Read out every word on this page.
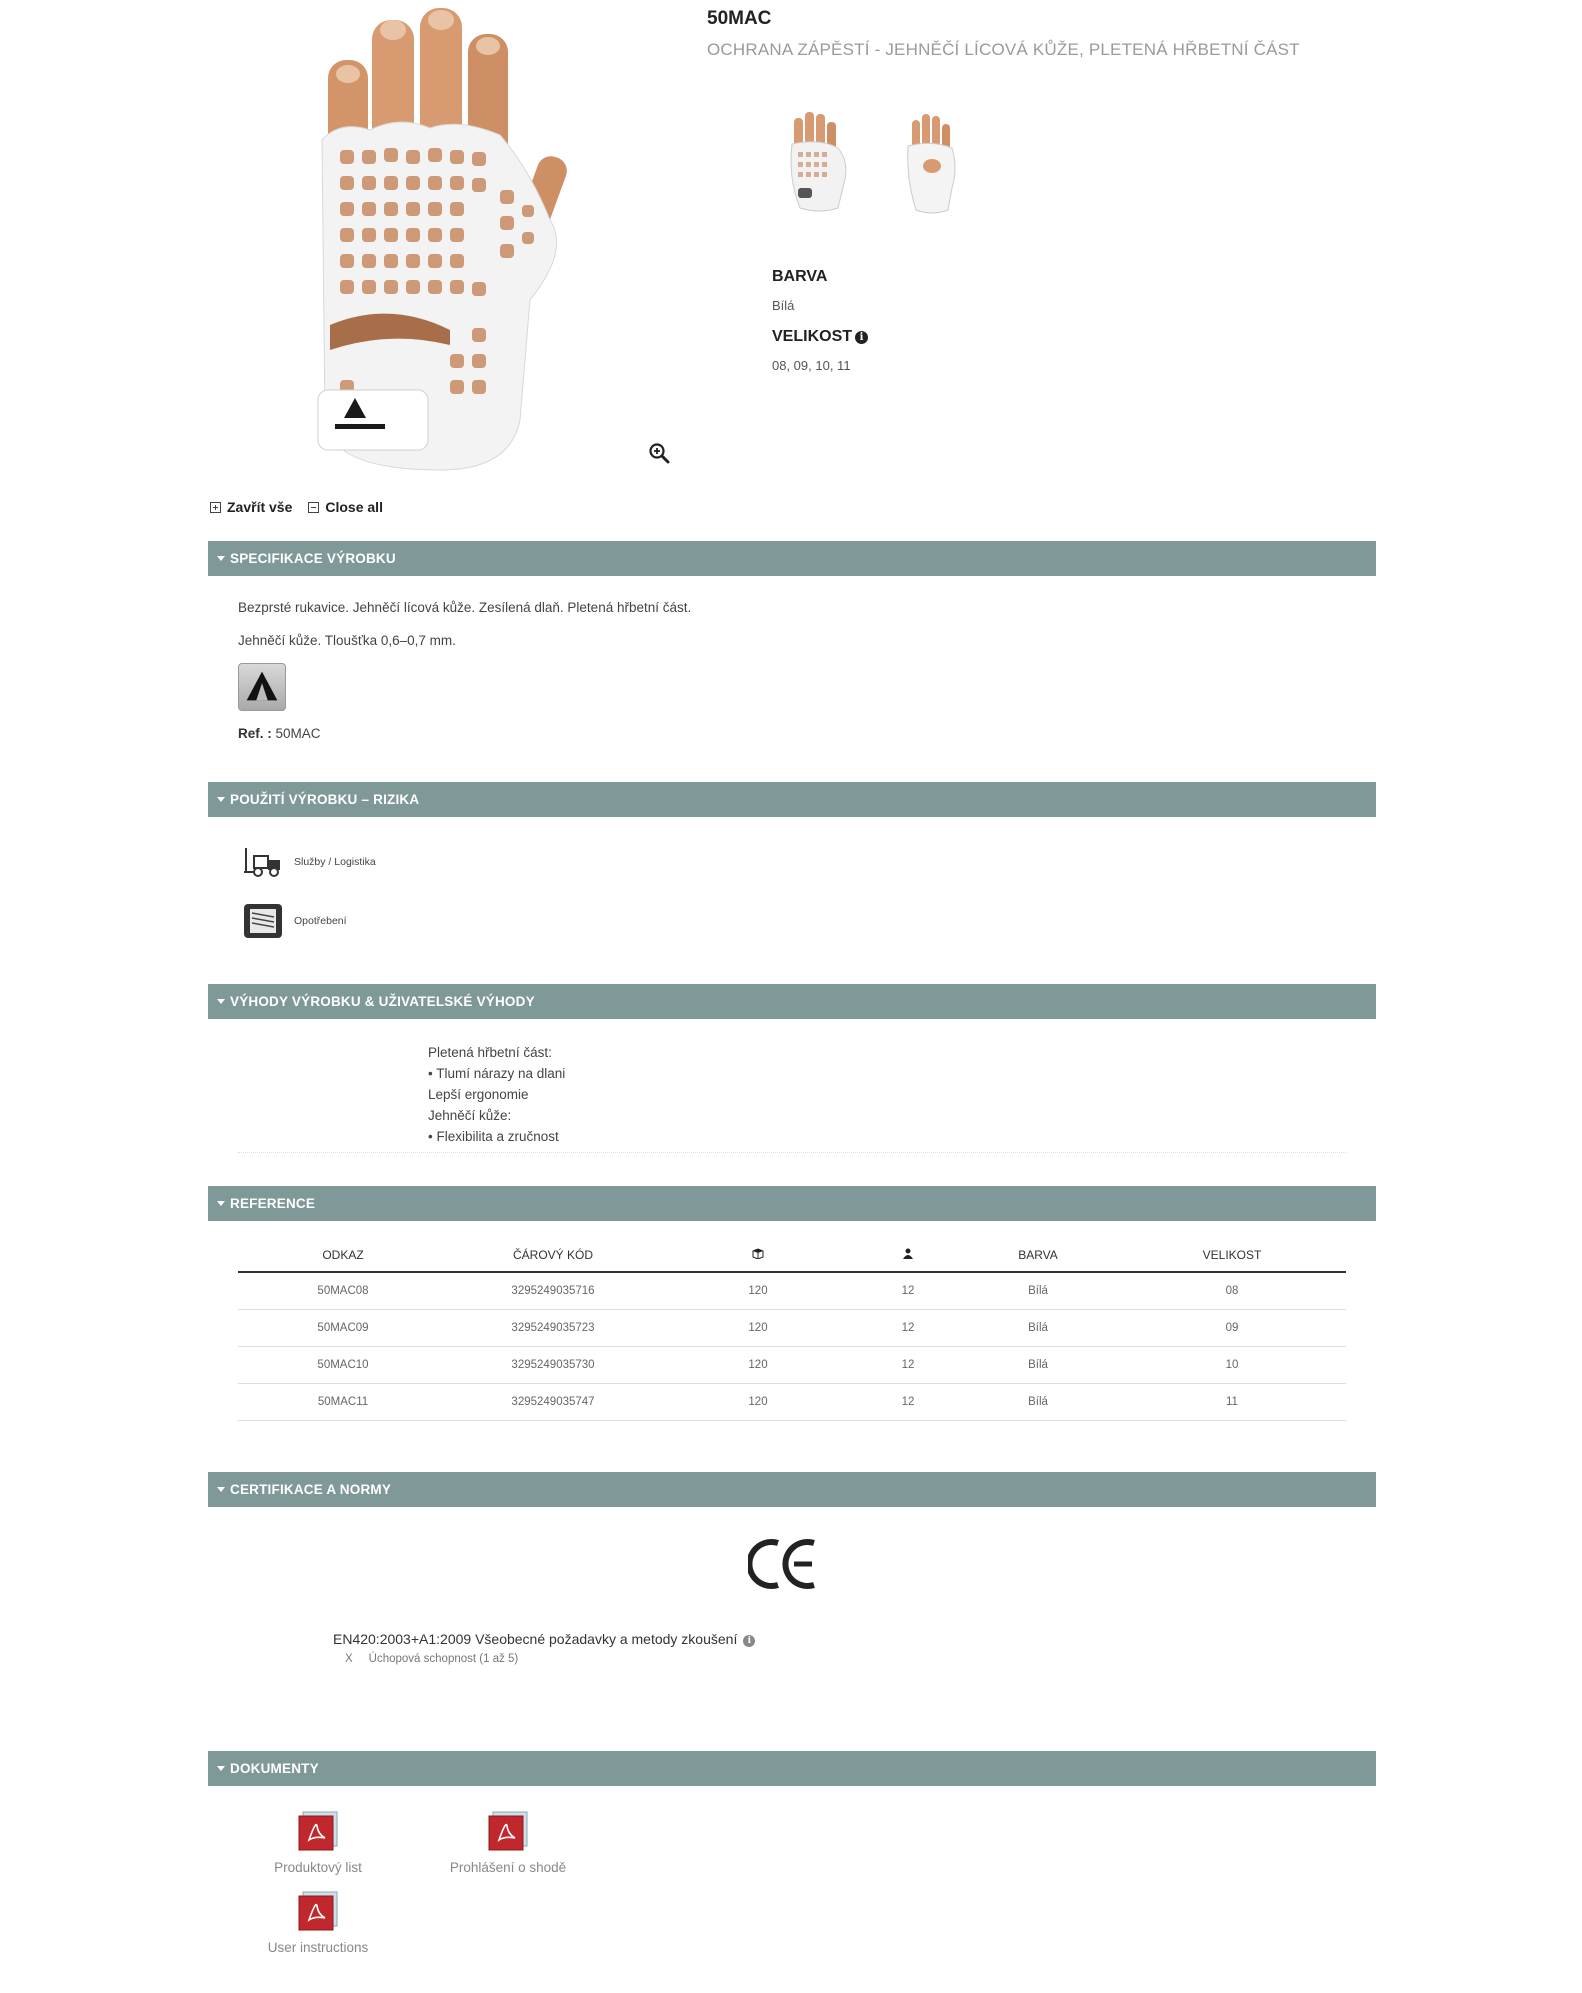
50MAC
OCHRANA ZÁPĚSTÍ - JEHNĚČÍ LÍCOVÁ KŮŽE, PLETENÁ HŘBETNÍ ČÁST
BARVA
Bílá
VELIKOST i
08, 09, 10, 11
Zavřít vše Close all
SPECIFIKACE VÝROBKU
Bezprsté rukavice. Jehněčí lícová kůže. Zesílená dlaň. Pletená hřbetní část.
Jehněčí kůže. Tloušťka 0,6–0,7 mm.
Ref. : 50MAC
POUŽITÍ VÝROBKU – RIZIKA
Služby / Logistika
Opotřebení
VÝHODY VÝROBKU & UŽIVATELSKÉ VÝHODY
Pletená hřbetní část:
• Tlumí nárazy na dlani
Lepší ergonomie
Jehněčí kůže:
• Flexibilita a zručnost
REFERENCE
ODKAZ	ČÁROVÝ KÓD			BARVA	VELIKOST
50MAC08	3295249035716	120	12	Bílá	08
50MAC09	3295249035723	120	12	Bílá	09
50MAC10	3295249035730	120	12	Bílá	10
50MAC11	3295249035747	120	12	Bílá	11
CERTIFIKACE A NORMY
EN420:2003+A1:2009 Všeobecné požadavky a metody zkoušení i
X Úchopová schopnost (1 až 5)
DOKUMENTY
Produktový list	Prohlášení o shodě
User instructions
